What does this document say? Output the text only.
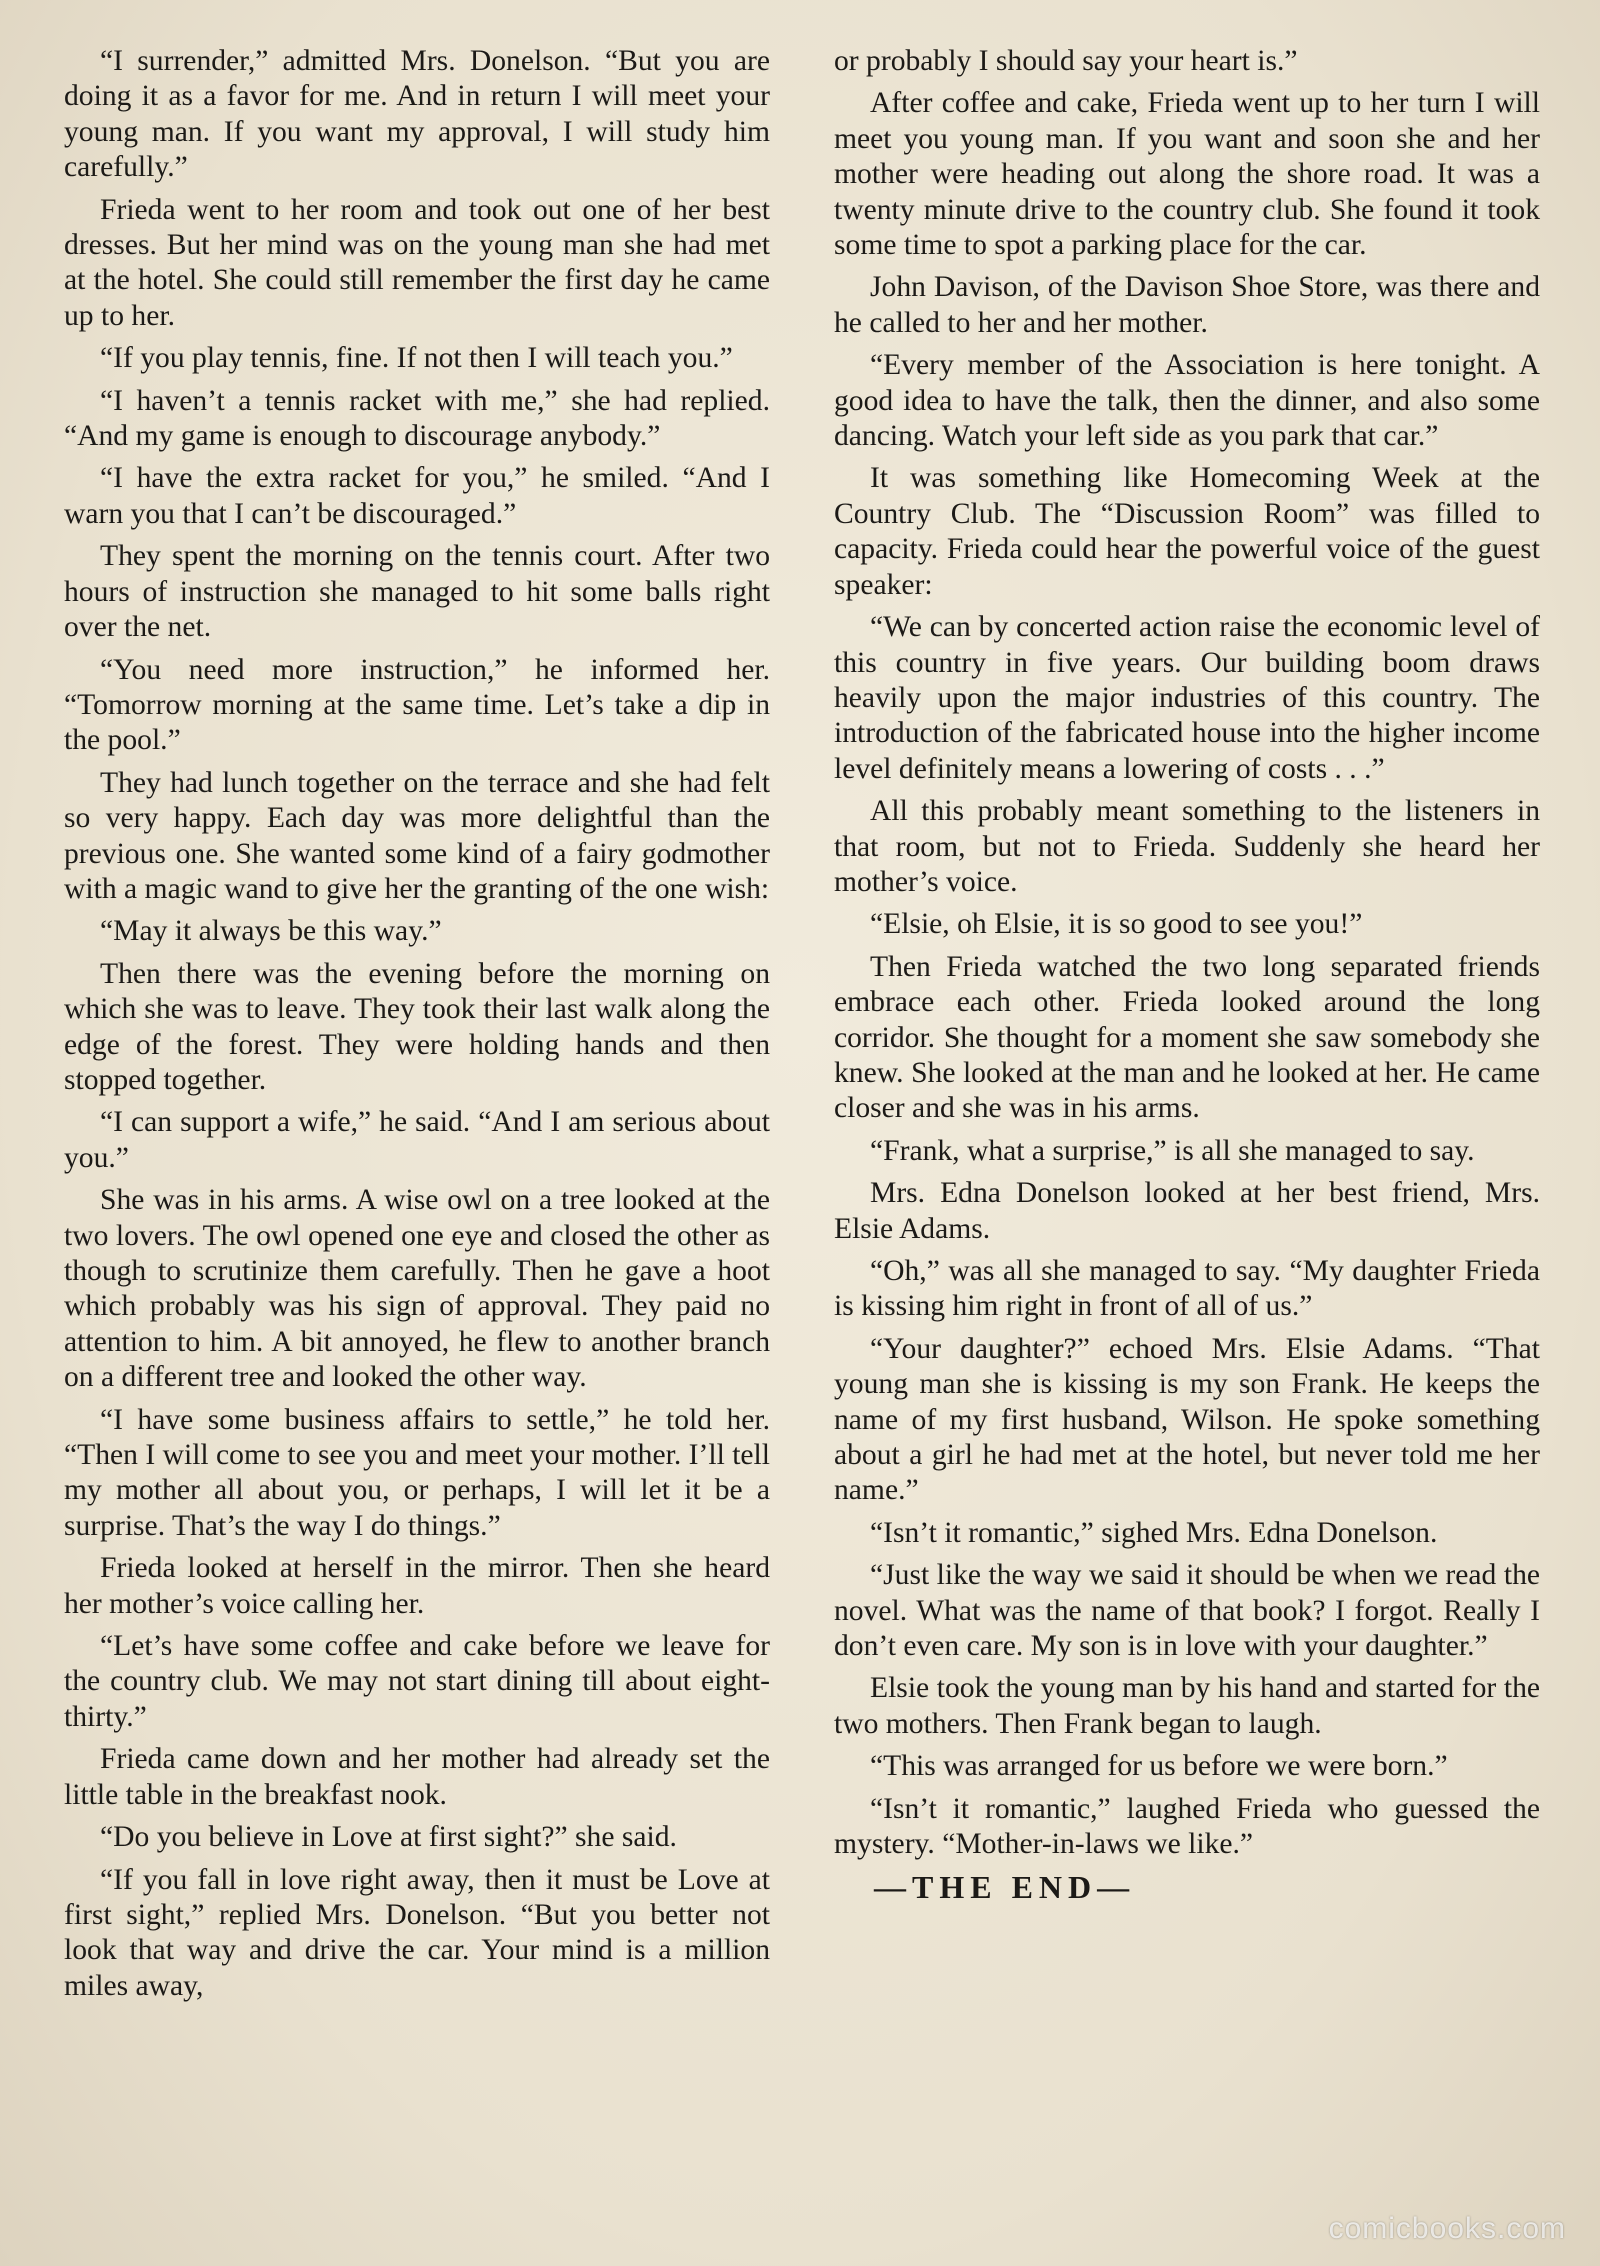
“I surrender,” admitted Mrs. Donelson. “But you are doing it as a favor for me. And in return I will meet your young man. If you want my approval, I will study him carefully.”

Frieda went to her room and took out one of her best dresses. But her mind was on the young man she had met at the hotel. She could still remember the first day he came up to her.

“If you play tennis, fine. If not then I will teach you.”

“I haven’t a tennis racket with me,” she had replied. “And my game is enough to discourage anybody.”

“I have the extra racket for you,” he smiled. “And I warn you that I can’t be discouraged.”

They spent the morning on the tennis court. After two hours of instruction she managed to hit some balls right over the net.

“You need more instruction,” he informed her. “Tomorrow morning at the same time. Let’s take a dip in the pool.”

They had lunch together on the terrace and she had felt so very happy. Each day was more delightful than the previous one. She wanted some kind of a fairy godmother with a magic wand to give her the granting of the one wish:

“May it always be this way.”

Then there was the evening before the morning on which she was to leave. They took their last walk along the edge of the forest. They were holding hands and then stopped together.

“I can support a wife,” he said. “And I am serious about you.”

She was in his arms. A wise owl on a tree looked at the two lovers. The owl opened one eye and closed the other as though to scrutinize them carefully. Then he gave a hoot which probably was his sign of approval. They paid no attention to him. A bit annoyed, he flew to another branch on a different tree and looked the other way.

“I have some business affairs to settle,” he told her. “Then I will come to see you and meet your mother. I’ll tell my mother all about you, or perhaps, I will let it be a surprise. That’s the way I do things.”

Frieda looked at herself in the mirror. Then she heard her mother’s voice calling her.

“Let’s have some coffee and cake before we leave for the country club. We may not start dining till about eight-thirty.”

Frieda came down and her mother had already set the little table in the breakfast nook.

“Do you believe in Love at first sight?” she said.

“If you fall in love right away, then it must be Love at first sight,” replied Mrs. Donelson. “But you better not look that way and drive the car. Your mind is a million miles away,

or probably I should say your heart is.”

After coffee and cake, Frieda went up to her turn I will meet you young man. If you want and soon she and her mother were heading out along the shore road. It was a twenty minute drive to the country club. She found it took some time to spot a parking place for the car.

John Davison, of the Davison Shoe Store, was there and he called to her and her mother.

“Every member of the Association is here tonight. A good idea to have the talk, then the dinner, and also some dancing. Watch your left side as you park that car.”

It was something like Homecoming Week at the Country Club. The “Discussion Room” was filled to capacity. Frieda could hear the powerful voice of the guest speaker:

“We can by concerted action raise the economic level of this country in five years. Our building boom draws heavily upon the major industries of this country. The introduction of the fabricated house into the higher income level definitely means a lowering of costs . . .”

All this probably meant something to the listeners in that room, but not to Frieda. Suddenly she heard her mother’s voice.

“Elsie, oh Elsie, it is so good to see you!”

Then Frieda watched the two long separated friends embrace each other. Frieda looked around the long corridor. She thought for a moment she saw somebody she knew. She looked at the man and he looked at her. He came closer and she was in his arms.

“Frank, what a surprise,” is all she managed to say.

Mrs. Edna Donelson looked at her best friend, Mrs. Elsie Adams.

“Oh,” was all she managed to say. “My daughter Frieda is kissing him right in front of all of us.”

“Your daughter?” echoed Mrs. Elsie Adams. “That young man she is kissing is my son Frank. He keeps the name of my first husband, Wilson. He spoke something about a girl he had met at the hotel, but never told me her name.”

“Isn’t it romantic,” sighed Mrs. Edna Donelson.

“Just like the way we said it should be when we read the novel. What was the name of that book? I forgot. Really I don’t even care. My son is in love with your daughter.”

Elsie took the young man by his hand and started for the two mothers. Then Frank began to laugh.

“This was arranged for us before we were born.”

“Isn’t it romantic,” laughed Frieda who guessed the mystery. “Mother-in-laws we like.”

—THE END—

comicbooks.com
